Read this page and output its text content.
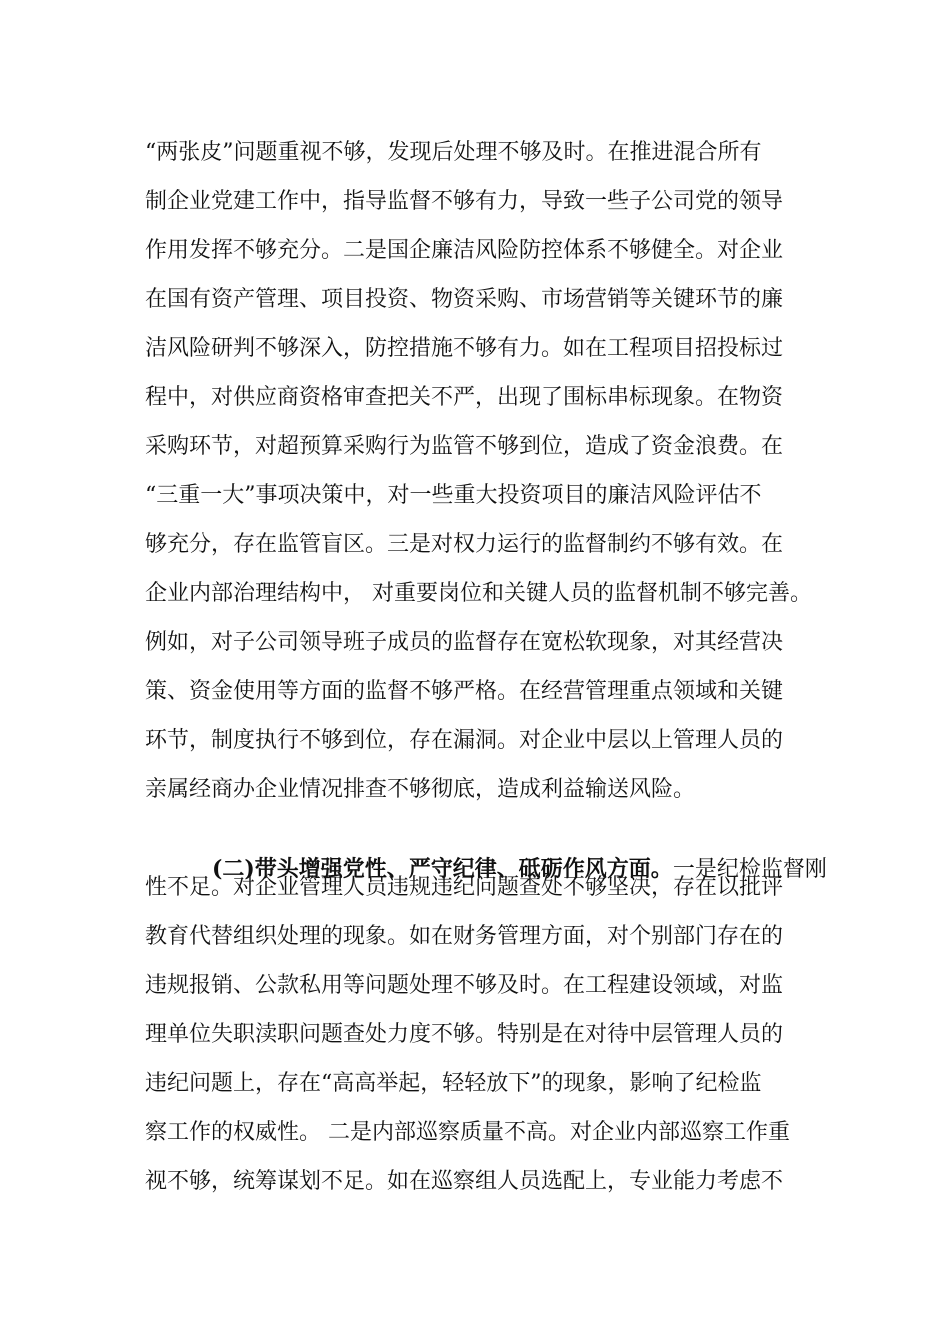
“两张皮”问题重视不够，发现后处理不够及时。在推进混合所有
制企业党建工作中，指导监督不够有力，导致一些子公司党的领导
作用发挥不够充分。二是国企廉洁风险防控体系不够健全。对企业
在国有资产管理、项目投资、物资采购、市场营销等关键环节的廉
洁风险研判不够深入，防控措施不够有力。如在工程项目招投标过
程中，对供应商资格审查把关不严，出现了围标串标现象。在物资
采购环节，对超预算采购行为监管不够到位，造成了资金浪费。在
“三重一大”事项决策中，对一些重大投资项目的廉洁风险评估不
够充分，存在监管盲区。三是对权力运行的监督制约不够有效。在
企业内部治理结构中， 对重要岗位和关键人员的监督机制不够完善。
例如，对子公司领导班子成员的监督存在宽松软现象，对其经营决
策、资金使用等方面的监督不够严格。在经营管理重点领域和关键
环节，制度执行不够到位，存在漏洞。对企业中层以上管理人员的
亲属经商办企业情况排查不够彻底，造成利益输送风险。

(二)带头增强党性、严守纪律、砥砺作风方面。一是纪检监督刚

性不足。对企业管理人员违规违纪问题查处不够坚决，存在以批评
教育代替组织处理的现象。如在财务管理方面，对个别部门存在的
违规报销、公款私用等问题处理不够及时。在工程建设领域，对监
理单位失职渎职问题查处力度不够。特别是在对待中层管理人员的
违纪问题上，存在“高高举起，轻轻放下”的现象，影响了纪检监
察工作的权威性。 二是内部巡察质量不高。对企业内部巡察工作重
视不够，统筹谋划不足。如在巡察组人员选配上，专业能力考虑不
